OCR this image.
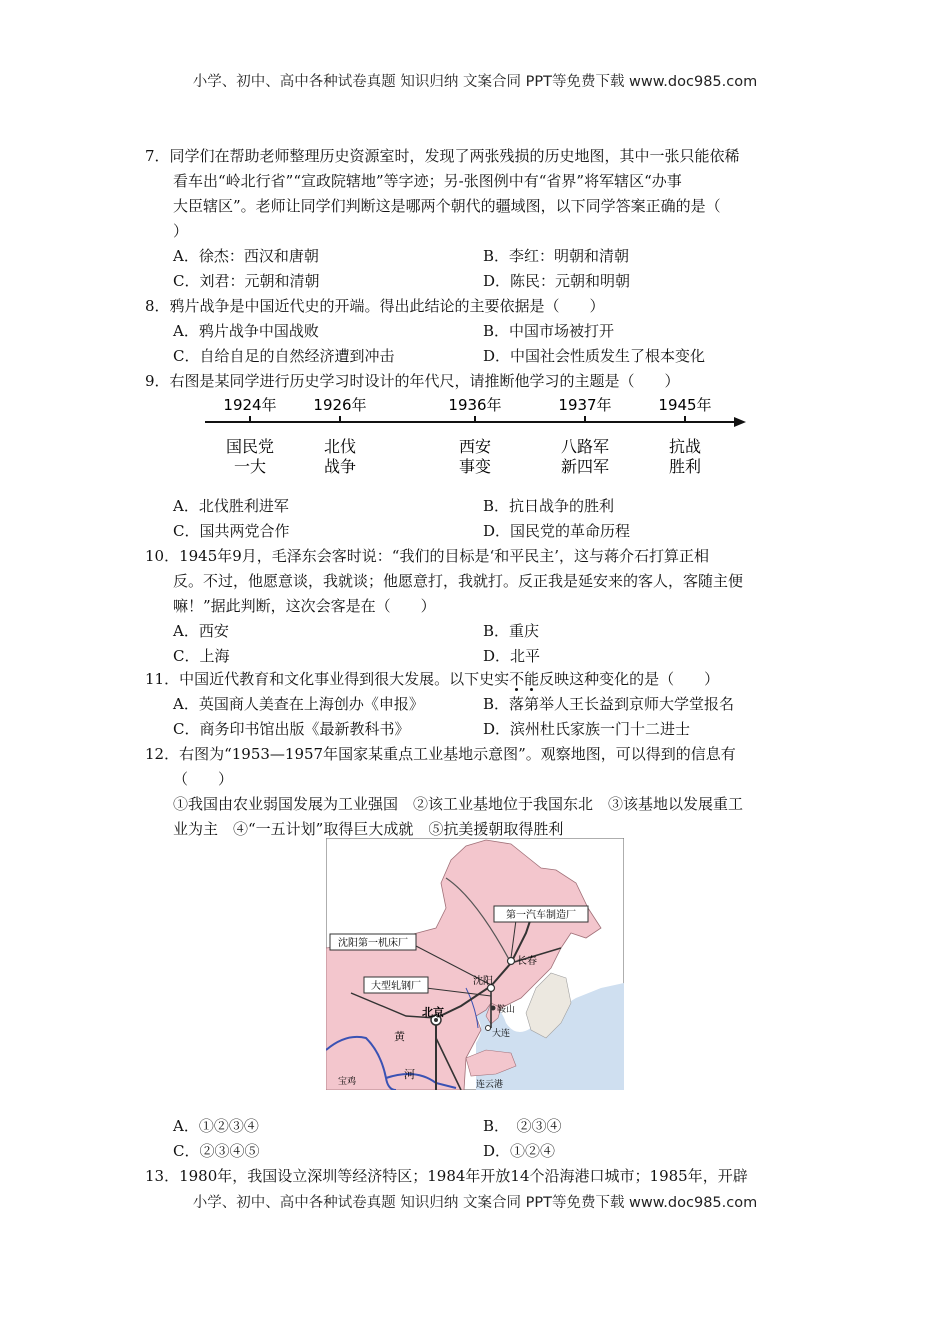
小学、初中、高中各种试卷真题 知识归纳 文案合同 PPT等免费下载 www.doc985.com
7．同学们在帮助老师整理历史资源室时，发现了两张残损的历史地图，其中一张只能依稀
看车出“岭北行省”“宣政院辖地”等字迹；另-张图例中有“省界”将军辖区“办事
大臣辖区”。老师让同学们判断这是哪两个朝代的疆域图，以下同学答案正确的是（
）
A．徐杰：西汉和唐朝	B．李红：明朝和清朝
C．刘君：元朝和清朝	D．陈民：元朝和明朝
8．鸦片战争是中国近代史的开端。得出此结论的主要依据是（　　）
A．鸦片战争中国战败	B．中国市场被打开
C．自给自足的自然经济遭到冲击	D．中国社会性质发生了根本变化
9．右图是某同学进行历史学习时设计的年代尺，请推断他学习的主题是（　　）
1924年
国民党
一大
1926年
北伐
战争
1936年
西安
事变
1937年
八路军
新四军
1945年
抗战
胜利
A．北伐胜利进军	B．抗日战争的胜利
C．国共两党合作	D．国民党的革命历程
10．1945年9月，毛泽东会客时说：“我们的目标是‘和平民主’，这与蒋介石打算正相
反。不过，他愿意谈，我就谈；他愿意打，我就打。反正我是延安来的客人，客随主便
嘛！”据此判断，这次会客是在（　　）
A．西安	B．重庆
C．上海	D．北平
11．中国近代教育和文化事业得到很大发展。以下史实不能反映这种变化的是（　　）
A．英国商人美查在上海创办《申报》	B．落第举人王长益到京师大学堂报名
C．商务印书馆出版《最新教科书》	D．滨州杜氏家族一门十二进士
12．右图为“1953—1957年国家某重点工业基地示意图”。观察地图，可以得到的信息有
（　　）
①我国由农业弱国发展为工业强国　②该工业基地位于我国东北　③该基地以发展重工
业为主　④“一五计划”取得巨大成就　⑤抗美援朝取得胜利
第一汽车制造厂
沈阳第一机床厂
大型轧钢厂
长春
沈阳
北京	鞍山
大连
连云港
宝鸡
黄
河
A．①②③④	B．　②③④
C．②③④⑤	D．①②④
13．1980年，我国设立深圳等经济特区；1984年开放14个沿海港口城市；1985年，开辟
小学、初中、高中各种试卷真题 知识归纳 文案合同 PPT等免费下载 www.doc985.com
